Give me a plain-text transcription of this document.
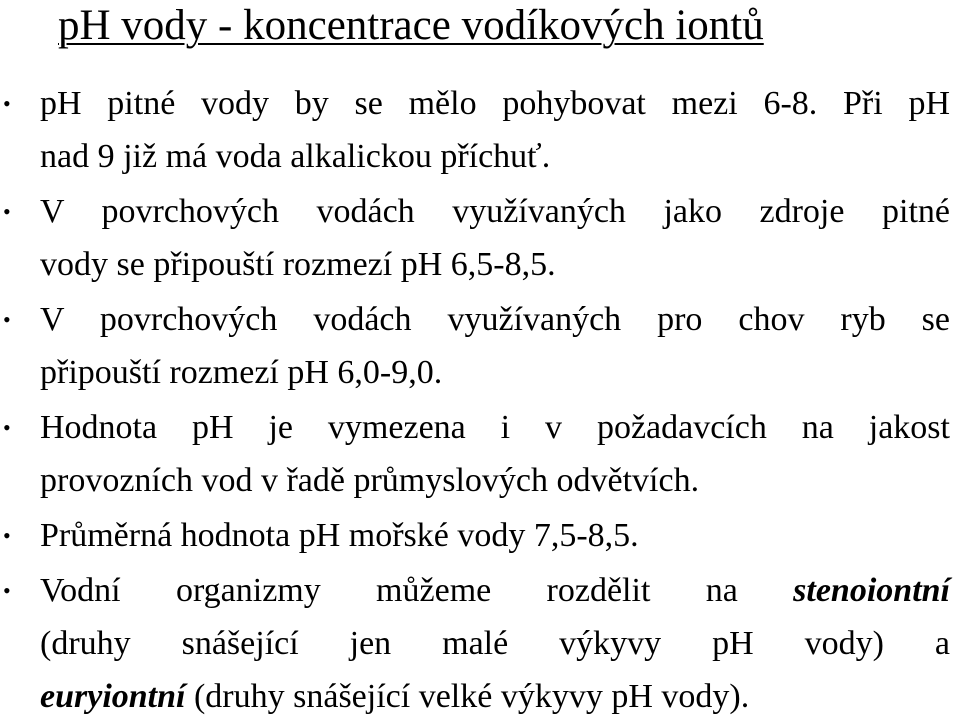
pH vody - koncentrace vodíkových iontů
• pH pitné vody by se mělo pohybovat mezi 6-8. Při pH
nad 9 již má voda alkalickou příchuť.
• V povrchových vodách využívaných jako zdroje pitné
vody se připouští rozmezí pH 6,5-8,5.
• V povrchových vodách využívaných pro chov ryb se
připouští rozmezí pH 6,0-9,0.
• Hodnota pH je vymezena i v požadavcích na jakost
provozních vod v řadě průmyslových odvětvích.
• Průměrná hodnota pH mořské vody 7,5-8,5.
• Vodní organizmy můžeme rozdělit na stenoiontní
(druhy snášející jen malé výkyvy pH vody) a
euryiontní (druhy snášející velké výkyvy pH vody).
